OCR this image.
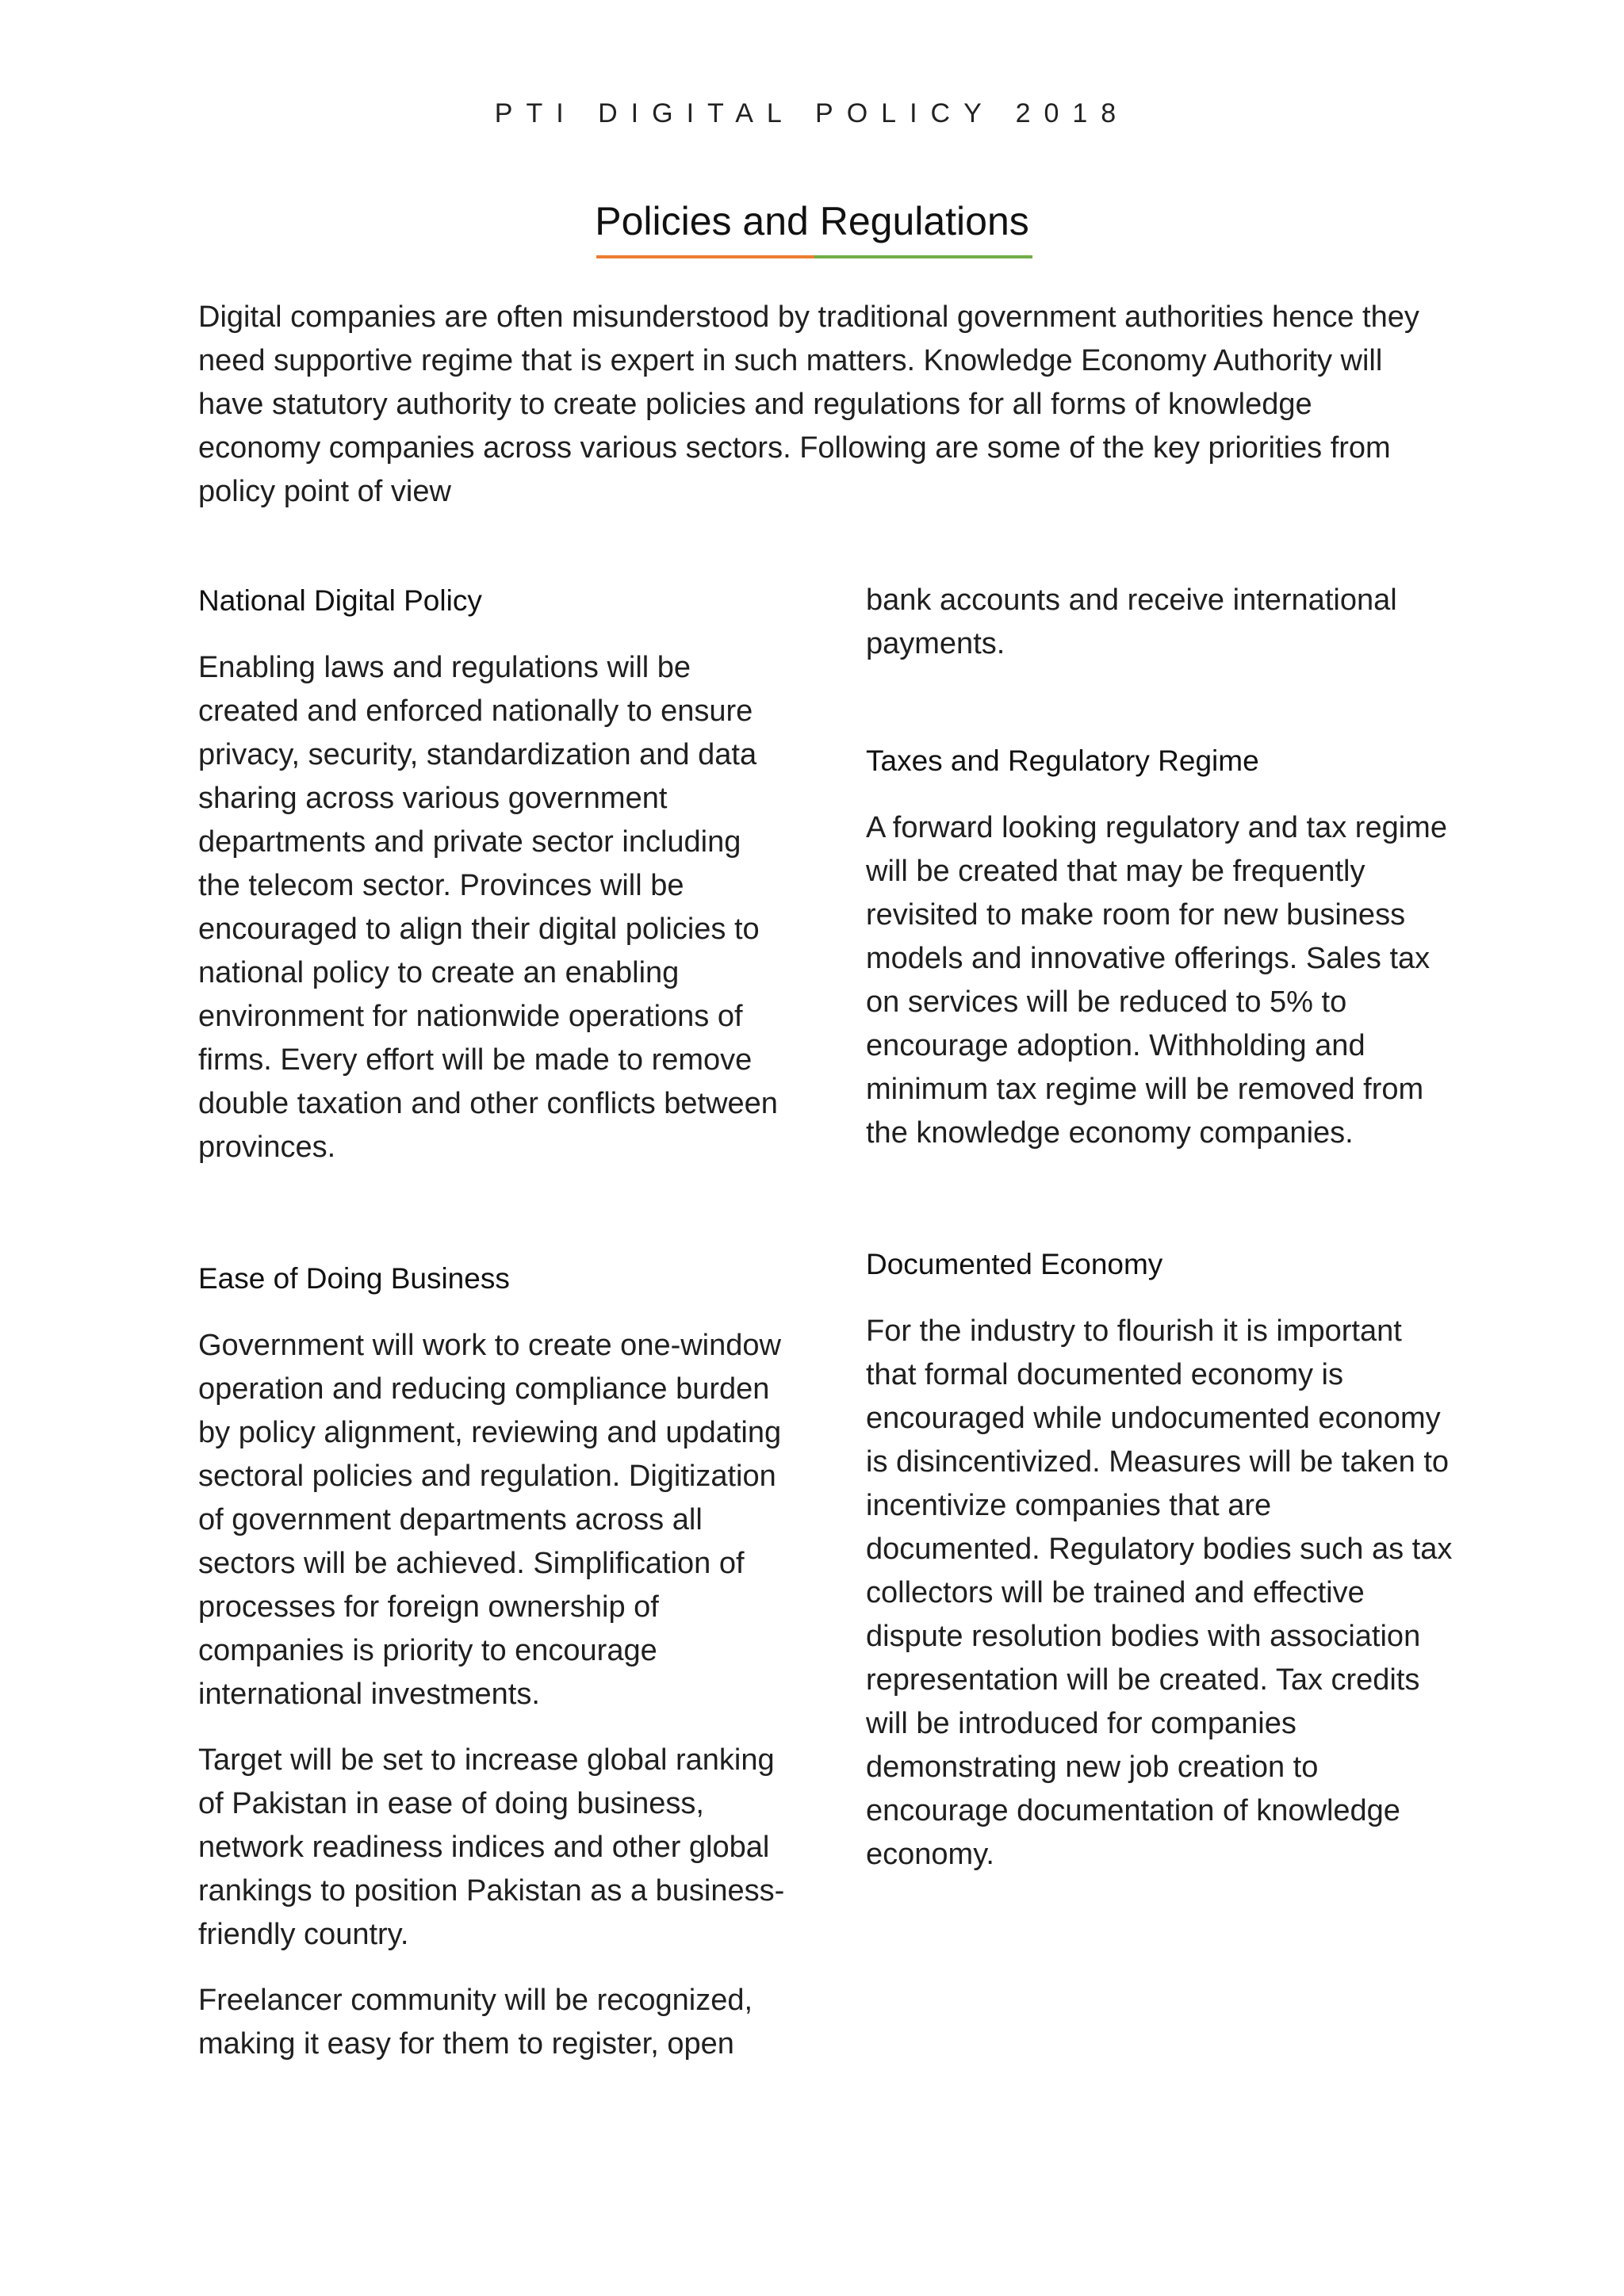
PTI DIGITAL POLICY 2018
Policies and Regulations

Digital companies are often misunderstood by traditional government authorities hence they need supportive regime that is expert in such matters. Knowledge Economy Authority will have statutory authority to create policies and regulations for all forms of knowledge economy companies across various sectors. Following are some of the key priorities from policy point of view

National Digital Policy

Enabling laws and regulations will be created and enforced nationally to ensure privacy, security, standardization and data sharing across various government departments and private sector including the telecom sector. Provinces will be encouraged to align their digital policies to national policy to create an enabling environment for nationwide operations of firms. Every effort will be made to remove double taxation and other conflicts between provinces.

Ease of Doing Business

Government will work to create one-window operation and reducing compliance burden by policy alignment, reviewing and updating sectoral policies and regulation. Digitization of government departments across all sectors will be achieved. Simplification of processes for foreign ownership of companies is priority to encourage international investments.

Target will be set to increase global ranking of Pakistan in ease of doing business, network readiness indices and other global rankings to position Pakistan as a business-friendly country.

Freelancer community will be recognized, making it easy for them to register, open

bank accounts and receive international payments.

Taxes and Regulatory Regime

A forward looking regulatory and tax regime will be created that may be frequently revisited to make room for new business models and innovative offerings. Sales tax on services will be reduced to 5% to encourage adoption. Withholding and minimum tax regime will be removed from the knowledge economy companies.

Documented Economy

For the industry to flourish it is important that formal documented economy is encouraged while undocumented economy is disincentivized. Measures will be taken to incentivize companies that are documented. Regulatory bodies such as tax collectors will be trained and effective dispute resolution bodies with association representation will be created. Tax credits will be introduced for companies demonstrating new job creation to encourage documentation of knowledge economy.
